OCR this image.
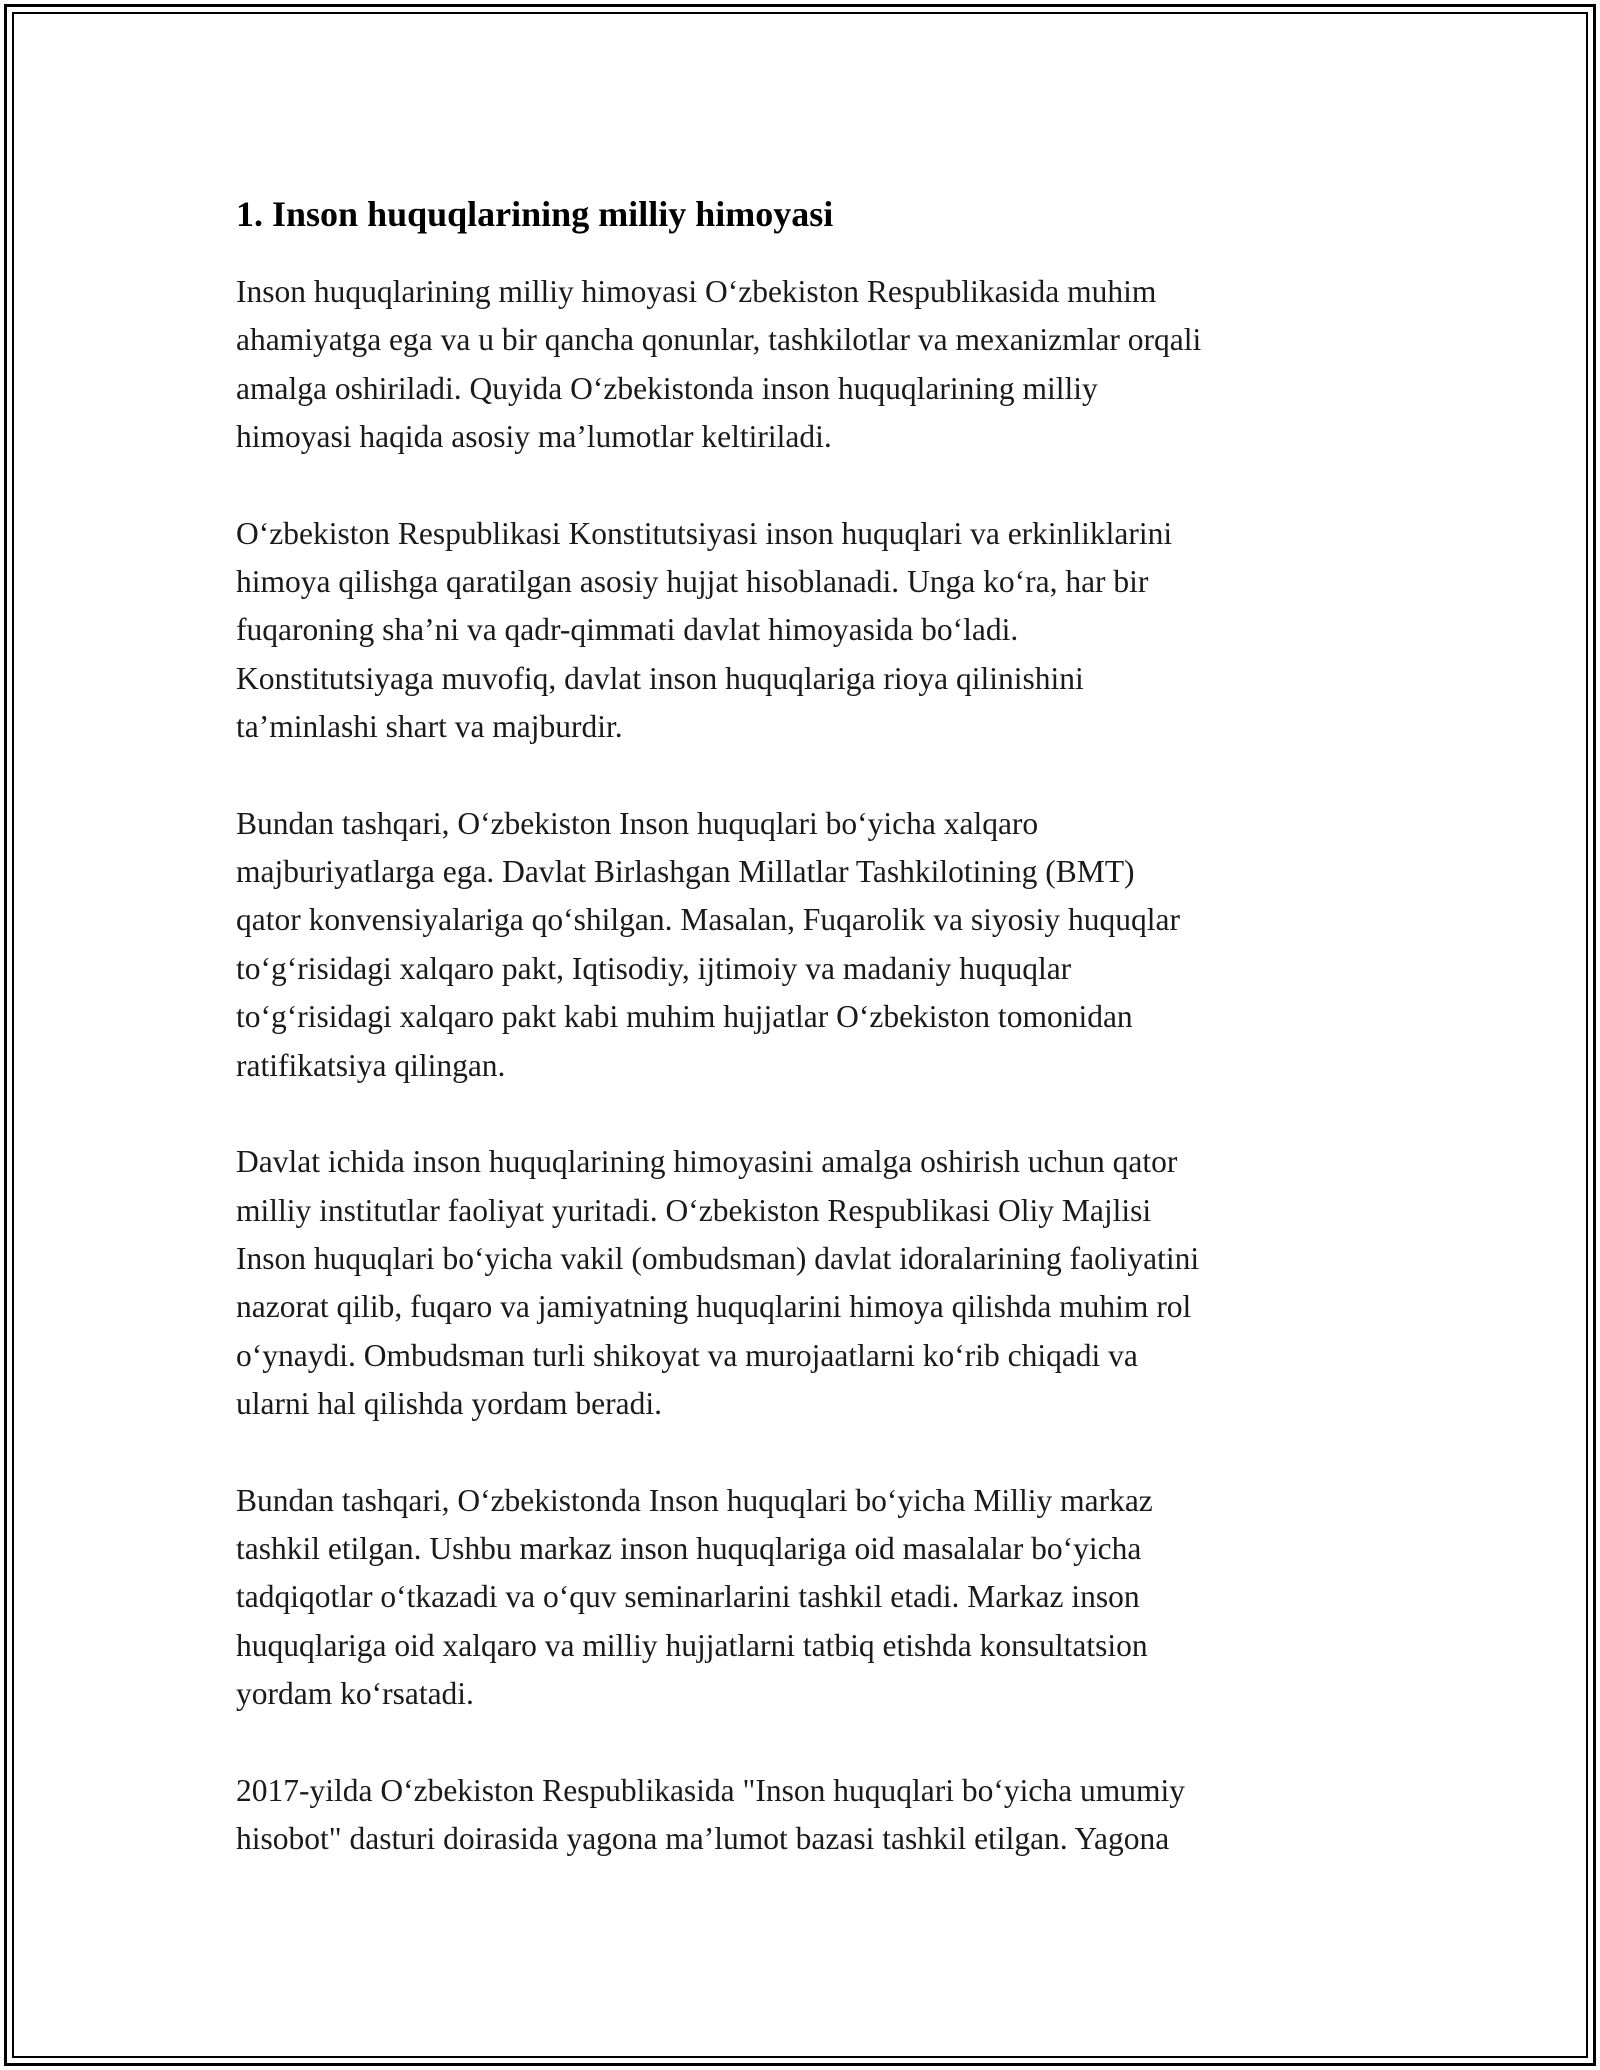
1. Inson huquqlarining milliy himoyasi

Inson huquqlarining milliy himoyasi O‘zbekiston Respublikasida muhim
ahamiyatga ega va u bir qancha qonunlar, tashkilotlar va mexanizmlar orqali
amalga oshiriladi. Quyida O‘zbekistonda inson huquqlarining milliy
himoyasi haqida asosiy ma’lumotlar keltiriladi.

O‘zbekiston Respublikasi Konstitutsiyasi inson huquqlari va erkinliklarini
himoya qilishga qaratilgan asosiy hujjat hisoblanadi. Unga ko‘ra, har bir
fuqaroning sha’ni va qadr-qimmati davlat himoyasida bo‘ladi.
Konstitutsiyaga muvofiq, davlat inson huquqlariga rioya qilinishini
ta’minlashi shart va majburdir.

Bundan tashqari, O‘zbekiston Inson huquqlari bo‘yicha xalqaro
majburiyatlarga ega. Davlat Birlashgan Millatlar Tashkilotining (BMT)
qator konvensiyalariga qo‘shilgan. Masalan, Fuqarolik va siyosiy huquqlar
to‘g‘risidagi xalqaro pakt, Iqtisodiy, ijtimoiy va madaniy huquqlar
to‘g‘risidagi xalqaro pakt kabi muhim hujjatlar O‘zbekiston tomonidan
ratifikatsiya qilingan.

Davlat ichida inson huquqlarining himoyasini amalga oshirish uchun qator
milliy institutlar faoliyat yuritadi. O‘zbekiston Respublikasi Oliy Majlisi
Inson huquqlari bo‘yicha vakil (ombudsman) davlat idoralarining faoliyatini
nazorat qilib, fuqaro va jamiyatning huquqlarini himoya qilishda muhim rol
o‘ynaydi. Ombudsman turli shikoyat va murojaatlarni ko‘rib chiqadi va
ularni hal qilishda yordam beradi.

Bundan tashqari, O‘zbekistonda Inson huquqlari bo‘yicha Milliy markaz
tashkil etilgan. Ushbu markaz inson huquqlariga oid masalalar bo‘yicha
tadqiqotlar o‘tkazadi va o‘quv seminarlarini tashkil etadi. Markaz inson
huquqlariga oid xalqaro va milliy hujjatlarni tatbiq etishda konsultatsion
yordam ko‘rsatadi.

2017-yilda O‘zbekiston Respublikasida "Inson huquqlari bo‘yicha umumiy
hisobot" dasturi doirasida yagona ma’lumot bazasi tashkil etilgan. Yagona
